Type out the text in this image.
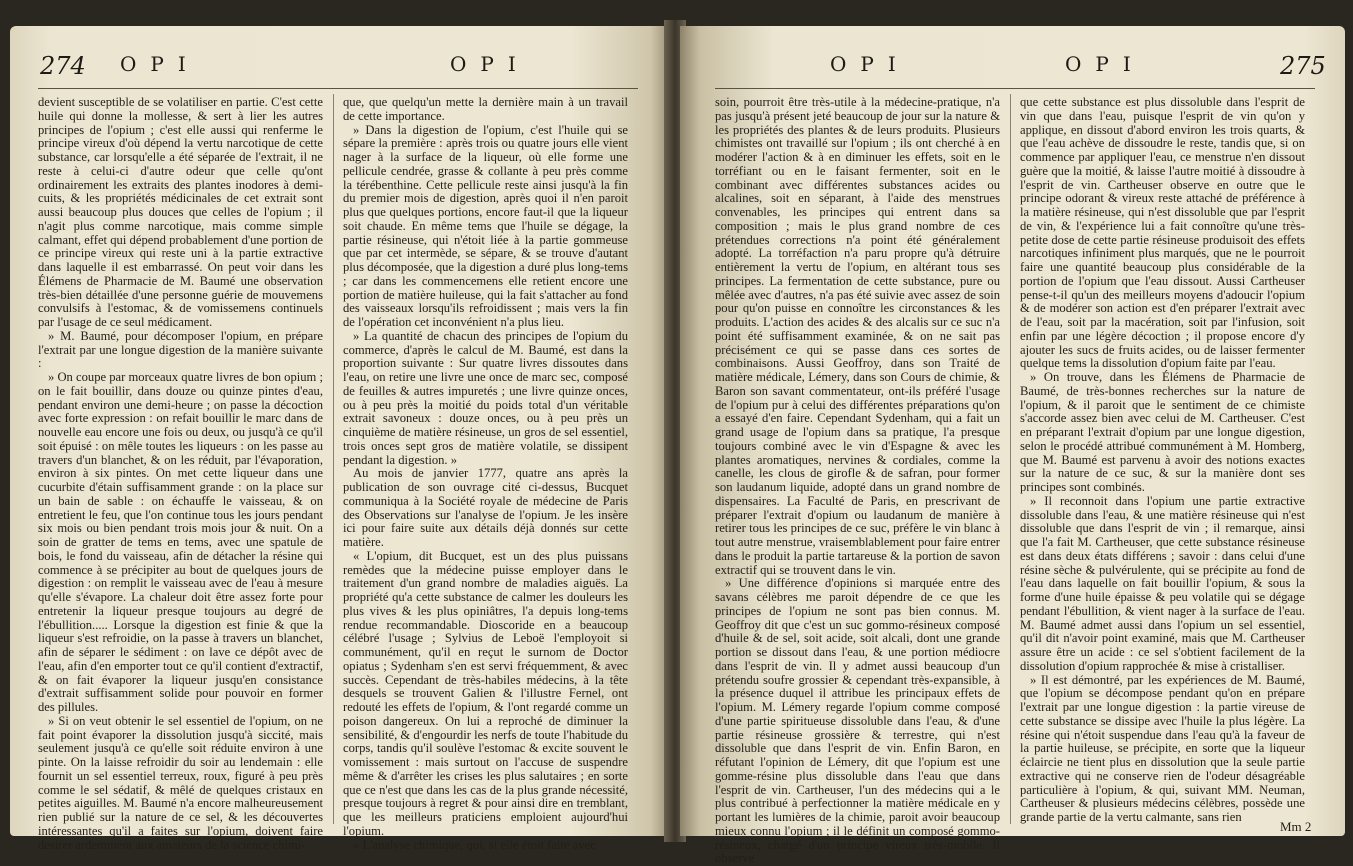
274 OPI	OPI

devient susceptible de se volatiliser en partie. C'est cette huile qui donne la mollesse, & sert à lier les autres principes de l'opium ; c'est elle aussi qui renferme le principe vireux d'où dépend la vertu narcotique de cette substance, car lorsqu'elle a été séparée de l'extrait, il ne reste à celui-ci d'autre odeur que celle qu'ont ordinairement les extraits des plantes inodores à demi-cuits, & les propriétés médicinales de cet extrait sont aussi beaucoup plus douces que celles de l'opium ; il n'agit plus comme narcotique, mais comme simple calmant, effet qui dépend probablement d'une portion de ce principe vireux qui reste uni à la partie extractive dans laquelle il est embarrassé. On peut voir dans les Élémens de Pharmacie de M. Baumé une observation très-bien détaillée d'une personne guérie de mouvemens convulsifs à l'estomac, & de vomissemens continuels par l'usage de ce seul médicament.

» M. Baumé, pour décomposer l'opium, en prépare l'extrait par une longue digestion de la manière suivante :

» On coupe par morceaux quatre livres de bon opium ; on le fait bouillir, dans douze ou quinze pintes d'eau, pendant environ une demi-heure ; on passe la décoction avec forte expression : on refait bouillir le marc dans de nouvelle eau encore une fois ou deux, ou jusqu'à ce qu'il soit épuisé : on mêle toutes les liqueurs : on les passe au travers d'un blanchet, & on les réduit, par l'évaporation, environ à six pintes. On met cette liqueur dans une cucurbite d'étain suffisamment grande : on la place sur un bain de sable : on échauffe le vaisseau, & on entretient le feu, que l'on continue tous les jours pendant six mois ou bien pendant trois mois jour & nuit. On a soin de gratter de tems en tems, avec une spatule de bois, le fond du vaisseau, afin de détacher la résine qui commence à se précipiter au bout de quelques jours de digestion : on remplit le vaisseau avec de l'eau à mesure qu'elle s'évapore. La chaleur doit être assez forte pour entretenir la liqueur presque toujours au degré de l'ébullition..... Lorsque la digestion est finie & que la liqueur s'est refroidie, on la passe à travers un blanchet, afin de séparer le sédiment : on lave ce dépôt avec de l'eau, afin d'en emporter tout ce qu'il contient d'extractif, & on fait évaporer la liqueur jusqu'en consistance d'extrait suffisamment solide pour pouvoir en former des pillules.

» Si on veut obtenir le sel essentiel de l'opium, on ne fait point évaporer la dissolution jusqu'à siccité, mais seulement jusqu'à ce qu'elle soit réduite environ à une pinte. On la laisse refroidir du soir au lendemain : elle fournit un sel essentiel terreux, roux, figuré à peu près comme le sel sédatif, & mêlé de quelques cristaux en petites aiguilles. M. Baumé n'a encore malheureusement rien publié sur la nature de ce sel, & les découvertes intéressantes qu'il a faites sur l'opium, doivent faire desirer ardemment aux amateurs de la science chimi-

que, que quelqu'un mette la dernière main à un travail de cette importance.

» Dans la digestion de l'opium, c'est l'huile qui se sépare la première : après trois ou quatre jours elle vient nager à la surface de la liqueur, où elle forme une pellicule cendrée, grasse & collante à peu près comme la térébenthine. Cette pellicule reste ainsi jusqu'à la fin du premier mois de digestion, après quoi il n'en paroit plus que quelques portions, encore faut-il que la liqueur soit chaude. En même tems que l'huile se dégage, la partie résineuse, qui n'étoit liée à la partie gommeuse que par cet intermède, se sépare, & se trouve d'autant plus décomposée, que la digestion a duré plus long-tems ; car dans les commencemens elle retient encore une portion de matière huileuse, qui la fait s'attacher au fond des vaisseaux lorsqu'ils refroidissent ; mais vers la fin de l'opération cet inconvénient n'a plus lieu.

» La quantité de chacun des principes de l'opium du commerce, d'après le calcul de M. Baumé, est dans la proportion suivante : Sur quatre livres dissoutes dans l'eau, on retire une livre une once de marc sec, composé de feuilles & autres impuretés ; une livre quinze onces, ou à peu près la moitié du poids total d'un véritable extrait savoneux : douze onces, ou à peu près un cinquième de matière résineuse, un gros de sel essentiel, trois onces sept gros de matière volatile, se dissipent pendant la digestion. »

Au mois de janvier 1777, quatre ans après la publication de son ouvrage cité ci-dessus, Bucquet communiqua à la Société royale de médecine de Paris des Observations sur l'analyse de l'opium. Je les insère ici pour faire suite aux détails déjà donnés sur cette matière.

« L'opium, dit Bucquet, est un des plus puissans remèdes que la médecine puisse employer dans le traitement d'un grand nombre de maladies aiguës. La propriété qu'a cette substance de calmer les douleurs les plus vives & les plus opiniâtres, l'a depuis long-tems rendue recommandable. Dioscoride en a beaucoup célébré l'usage ; Sylvius de Leboë l'employoit si communément, qu'il en reçut le surnom de Doctor opiatus ; Sydenham s'en est servi fréquemment, & avec succès. Cependant de très-habiles médecins, à la tête desquels se trouvent Galien & l'illustre Fernel, ont redouté les effets de l'opium, & l'ont regardé comme un poison dangereux. On lui a reproché de diminuer la sensibilité, & d'engourdir les nerfs de toute l'habitude du corps, tandis qu'il soulève l'estomac & excite souvent le vomissement : mais surtout on l'accuse de suspendre même & d'arrêter les crises les plus salutaires ; en sorte que ce n'est que dans les cas de la plus grande nécessité, presque toujours à regret & pour ainsi dire en tremblant, que les meilleurs praticiens emploient aujourd'hui l'opium.

» L'analyse chimique, qui, si elle étoit faite avec

OPI	OPI	275

soin, pourroit être très-utile à la médecine-pratique, n'a pas jusqu'à présent jeté beaucoup de jour sur la nature & les propriétés des plantes & de leurs produits. Plusieurs chimistes ont travaillé sur l'opium ; ils ont cherché à en modérer l'action & à en diminuer les effets, soit en le torréfiant ou en le faisant fermenter, soit en le combinant avec différentes substances acides ou alcalines, soit en séparant, à l'aide des menstrues convenables, les principes qui entrent dans sa composition ; mais le plus grand nombre de ces prétendues corrections n'a point été généralement adopté. La torréfaction n'a paru propre qu'à détruire entièrement la vertu de l'opium, en altérant tous ses principes. La fermentation de cette substance, pure ou mêlée avec d'autres, n'a pas été suivie avec assez de soin pour qu'on puisse en connoître les circonstances & les produits. L'action des acides & des alcalis sur ce suc n'a point été suffisamment examinée, & on ne sait pas précisément ce qui se passe dans ces sortes de combinaisons. Aussi Geoffroy, dans son Traité de matière médicale, Lémery, dans son Cours de chimie, & Baron son savant commentateur, ont-ils préféré l'usage de l'opium pur à celui des différentes préparations qu'on a essayé d'en faire. Cependant Sydenham, qui a fait un grand usage de l'opium dans sa pratique, l'a presque toujours combiné avec le vin d'Espagne & avec les plantes aromatiques, nervines & cordiales, comme la canelle, les clous de girofle & de safran, pour former son laudanum liquide, adopté dans un grand nombre de dispensaires. La Faculté de Paris, en prescrivant de préparer l'extrait d'opium ou laudanum de manière à retirer tous les principes de ce suc, préfère le vin blanc à tout autre menstrue, vraisemblablement pour faire entrer dans le produit la partie tartareuse & la portion de savon extractif qui se trouvent dans le vin.

» Une différence d'opinions si marquée entre des savans célèbres me paroit dépendre de ce que les principes de l'opium ne sont pas bien connus. M. Geoffroy dit que c'est un suc gommo-résineux composé d'huile & de sel, soit acide, soit alcali, dont une grande portion se dissout dans l'eau, & une portion médiocre dans l'esprit de vin. Il y admet aussi beaucoup d'un prétendu soufre grossier & cependant très-expansible, à la présence duquel il attribue les principaux effets de l'opium. M. Lémery regarde l'opium comme composé d'une partie spiritueuse dissoluble dans l'eau, & d'une partie résineuse grossière & terrestre, qui n'est dissoluble que dans l'esprit de vin. Enfin Baron, en réfutant l'opinion de Lémery, dit que l'opium est une gomme-résine plus dissoluble dans l'eau que dans l'esprit de vin. Cartheuser, l'un des médecins qui a le plus contribué à perfectionner la matière médicale en y portant les lumières de la chimie, paroit avoir beaucoup mieux connu l'opium ; il le définit un composé gommo-résineux, chargé d'un principe vireux très-mobile. Il observe

que cette substance est plus dissoluble dans l'esprit de vin que dans l'eau, puisque l'esprit de vin qu'on y applique, en dissout d'abord environ les trois quarts, & que l'eau achève de dissoudre le reste, tandis que, si on commence par appliquer l'eau, ce menstrue n'en dissout guère que la moitié, & laisse l'autre moitié à dissoudre à l'esprit de vin. Cartheuser observe en outre que le principe odorant & vireux reste attaché de préférence à la matière résineuse, qui n'est dissoluble que par l'esprit de vin, & l'expérience lui a fait connoître qu'une très-petite dose de cette partie résineuse produisoit des effets narcotiques infiniment plus marqués, que ne le pourroit faire une quantité beaucoup plus considérable de la portion de l'opium que l'eau dissout. Aussi Cartheuser pense-t-il qu'un des meilleurs moyens d'adoucir l'opium & de modérer son action est d'en préparer l'extrait avec de l'eau, soit par la macération, soit par l'infusion, soit enfin par une légère décoction ; il propose encore d'y ajouter les sucs de fruits acides, ou de laisser fermenter quelque tems la dissolution d'opium faite par l'eau.

» On trouve, dans les Élémens de Pharmacie de Baumé, de très-bonnes recherches sur la nature de l'opium, & il paroit que le sentiment de ce chimiste s'accorde assez bien avec celui de M. Cartheuser. C'est en préparant l'extrait d'opium par une longue digestion, selon le procédé attribué communément à M. Homberg, que M. Baumé est parvenu à avoir des notions exactes sur la nature de ce suc, & sur la manière dont ses principes sont combinés.

» Il reconnoit dans l'opium une partie extractive dissoluble dans l'eau, & une matière résineuse qui n'est dissoluble que dans l'esprit de vin ; il remarque, ainsi que l'a fait M. Cartheuser, que cette substance résineuse est dans deux états différens ; savoir : dans celui d'une résine sèche & pulvérulente, qui se précipite au fond de l'eau dans laquelle on fait bouillir l'opium, & sous la forme d'une huile épaisse & peu volatile qui se dégage pendant l'ébullition, & vient nager à la surface de l'eau. M. Baumé admet aussi dans l'opium un sel essentiel, qu'il dit n'avoir point examiné, mais que M. Cartheuser assure être un acide : ce sel s'obtient facilement de la dissolution d'opium rapprochée & mise à cristalliser.

» Il est démontré, par les expériences de M. Baumé, que l'opium se décompose pendant qu'on en prépare l'extrait par une longue digestion : la partie vireuse de cette substance se dissipe avec l'huile la plus légère. La résine qui n'étoit suspendue dans l'eau qu'à la faveur de la partie huileuse, se précipite, en sorte que la liqueur éclaircie ne tient plus en dissolution que la seule partie extractive qui ne conserve rien de l'odeur désagréable particulière à l'opium, & qui, suivant MM. Neuman, Cartheuser & plusieurs médecins célèbres, possède une grande partie de la vertu calmante, sans rien

Mm 2
